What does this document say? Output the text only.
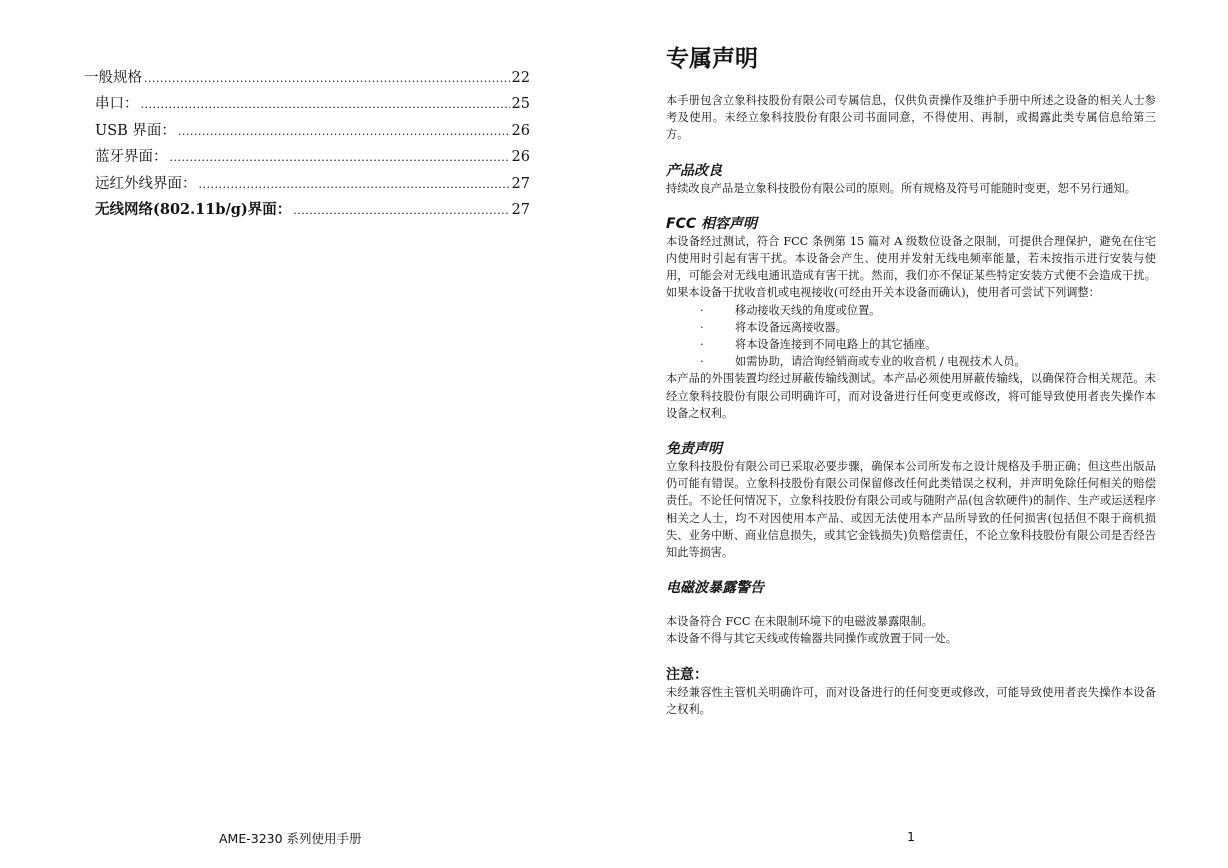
一般规格 .....	22
串口： .....	25
USB 界面： .....	26
蓝牙界面： .....	26
远红外线界面： .....	27
无线网络(802.11b/g)界面： .....	27
专属声明

本手册包含立象科技股份有限公司专属信息，仅供负责操作及维护手册中所述之设备的相关人士参考及使用。未经立象科技股份有限公司书面同意，不得使用、再制，或揭露此类专属信息给第三方。

产品改良

持续改良产品是立象科技股份有限公司的原则。所有规格及符号可能随时变更，恕不另行通知。

FCC 相容声明

本设备经过测试，符合 FCC 条例第 15 篇对 A 级数位设备之限制，可提供合理保护，避免在住宅内使用时引起有害干扰。本设备会产生、使用并发射无线电频率能量，若未按指示进行安装与使用，可能会对无线电通讯造成有害干扰。然而，我们亦不保证某些特定安装方式便不会造成干扰。如果本设备干扰收音机或电视接收(可经由开关本设备而确认)，使用者可尝试下列调整：

·	移动接收天线的角度或位置。
·	将本设备远离接收器。
·	将本设备连接到不同电路上的其它插座。
·	如需协助，请洽询经销商或专业的收音机 / 电视技术人员。

本产品的外围装置均经过屏蔽传输线测试。本产品必须使用屏蔽传输线，以确保符合相关规范。未经立象科技股份有限公司明确许可，而对设备进行任何变更或修改，将可能导致使用者丧失操作本设备之权利。

免责声明

立象科技股份有限公司已采取必要步骤，确保本公司所发布之设计规格及手册正确；但这些出版品仍可能有错误。立象科技股份有限公司保留修改任何此类错误之权利，并声明免除任何相关的赔偿责任。不论任何情况下，立象科技股份有限公司或与随附产品(包含软硬件)的制作、生产或运送程序相关之人士，均不对因使用本产品、或因无法使用本产品所导致的任何损害(包括但不限于商机损失、业务中断、商业信息损失，或其它金钱损失)负赔偿责任，不论立象科技股份有限公司是否经告知此等损害。

电磁波暴露警告

本设备符合 FCC 在未限制环境下的电磁波暴露限制。

本设备不得与其它天线或传输器共同操作或放置于同一处。

注意：

未经兼容性主管机关明确许可，而对设备进行的任何变更或修改，可能导致使用者丧失操作本设备之权利。

AME-3230 系列使用手册	1
